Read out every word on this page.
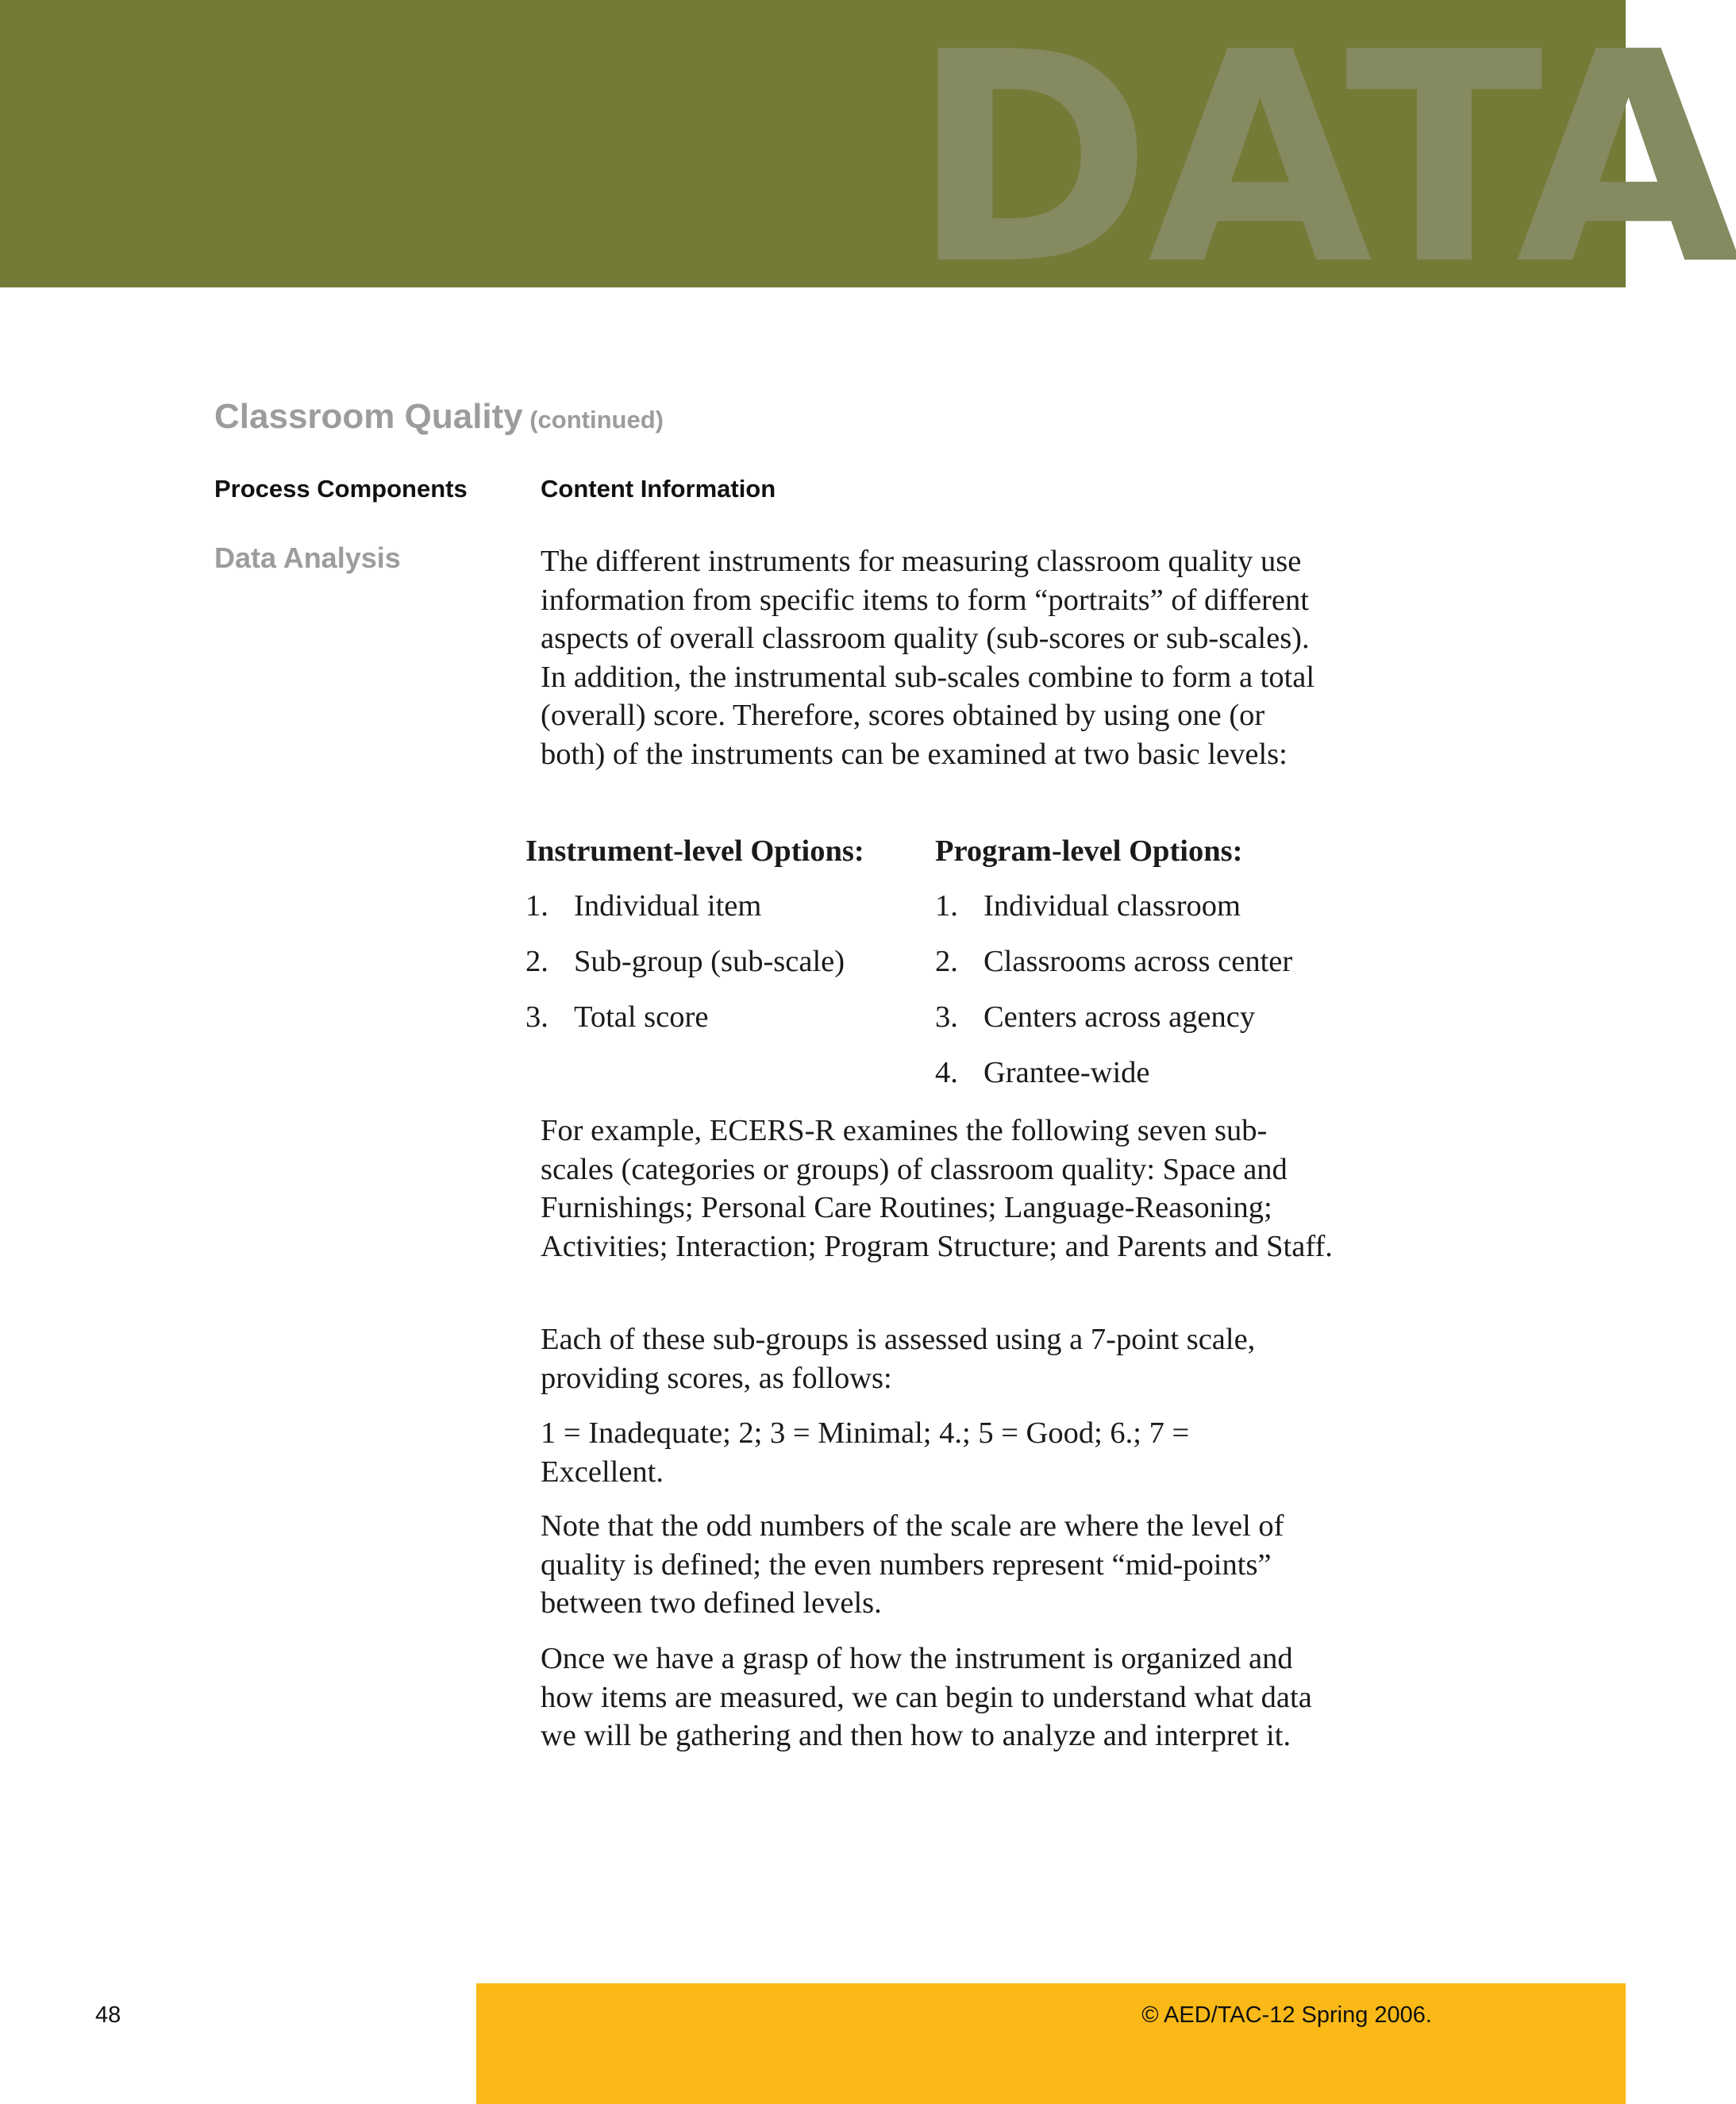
DATA
Classroom Quality (continued)
Process Components	Content Information
Data Analysis	The different instruments for measuring classroom quality use information from specific items to form “portraits” of different aspects of overall classroom quality (sub-scores or sub-scales). In addition, the instrumental sub-scales combine to form a total (overall) score. Therefore, scores obtained by using one (or both) of the instruments can be examined at two basic levels:

Instrument-level Options:
1. Individual item
2. Sub-group (sub-scale)
3. Total score
Program-level Options:
1. Individual classroom
2. Classrooms across center
3. Centers across agency
4. Grantee-wide

For example, ECERS-R examines the following seven sub-scales (categories or groups) of classroom quality: Space and Furnishings; Personal Care Routines; Language-Reasoning; Activities; Interaction; Program Structure; and Parents and Staff.

Each of these sub-groups is assessed using a 7-point scale, providing scores, as follows:

1 = Inadequate; 2; 3 = Minimal; 4.; 5 = Good; 6.; 7 = Excellent.

Note that the odd numbers of the scale are where the level of quality is defined; the even numbers represent “mid-points” between two defined levels.

Once we have a grasp of how the instrument is organized and how items are measured, we can begin to understand what data we will be gathering and then how to analyze and interpret it.

48	© AED/TAC-12 Spring 2006.
